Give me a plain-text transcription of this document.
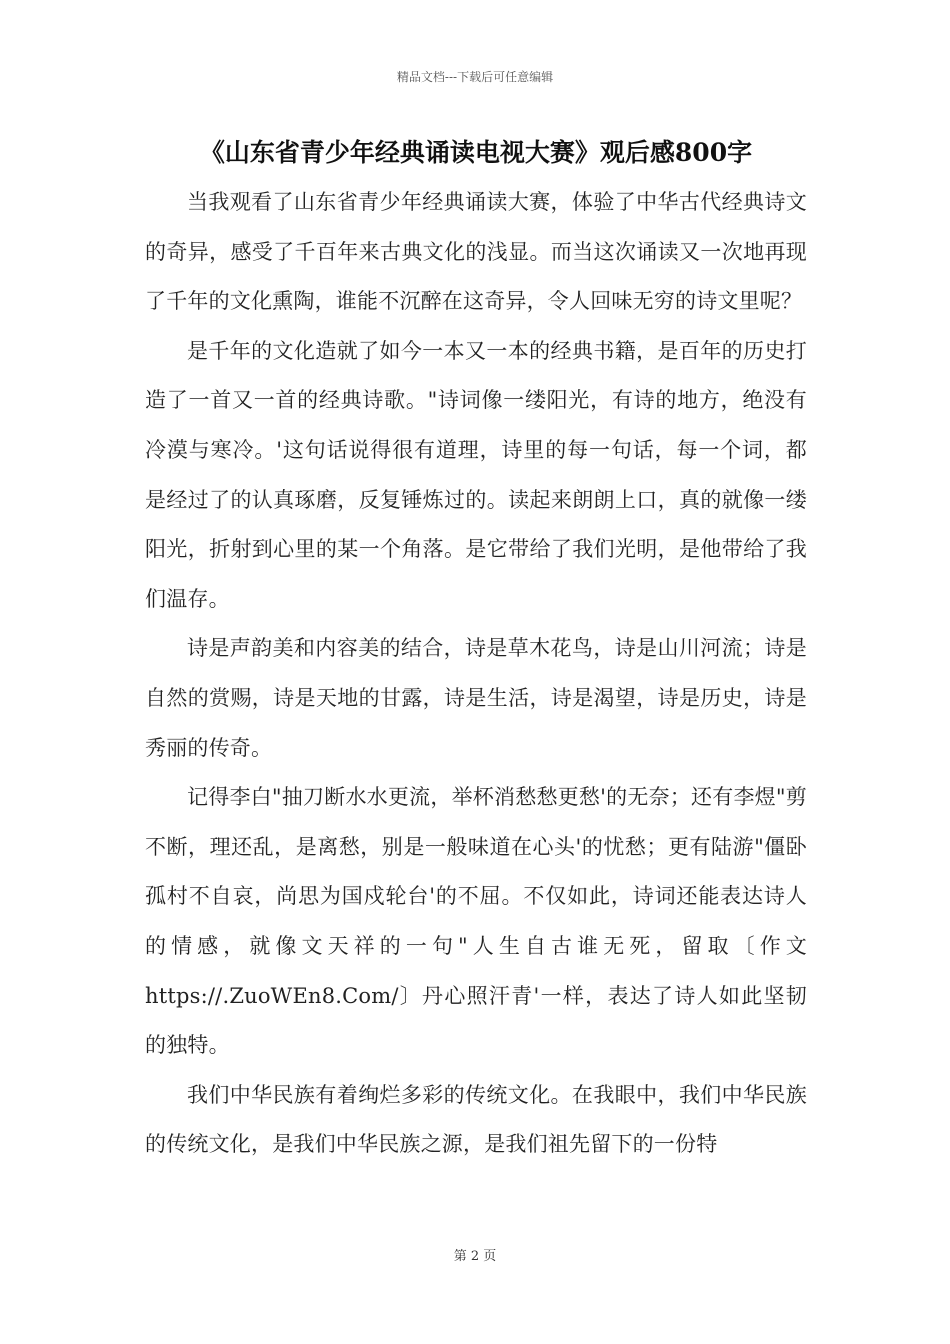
精品文档---下载后可任意编辑
《山东省青少年经典诵读电视大赛》观后感800字

当我观看了山东省青少年经典诵读大赛，体验了中华古代经典诗文的奇异，感受了千百年来古典文化的浅显。而当这次诵读又一次地再现了千年的文化熏陶，谁能不沉醉在这奇异，令人回味无穷的诗文里呢？

是千年的文化造就了如今一本又一本的经典书籍，是百年的历史打造了一首又一首的经典诗歌。"诗词像一缕阳光，有诗的地方，绝没有冷漠与寒冷。'这句话说得很有道理，诗里的每一句话，每一个词，都是经过了的认真琢磨，反复锤炼过的。读起来朗朗上口，真的就像一缕阳光，折射到心里的某一个角落。是它带给了我们光明，是他带给了我们温存。

诗是声韵美和内容美的结合，诗是草木花鸟，诗是山川河流；诗是自然的赏赐，诗是天地的甘露，诗是生活，诗是渴望，诗是历史，诗是秀丽的传奇。

记得李白"抽刀断水水更流，举杯消愁愁更愁'的无奈；还有李煜"剪不断，理还乱，是离愁，别是一般味道在心头'的忧愁；更有陆游"僵卧孤村不自哀，尚思为国戍轮台'的不屈。不仅如此，诗词还能表达诗人的情感，就像文天祥的一句"人生自古谁无死，留取〔作文https://.ZuoWEn8.Com/〕丹心照汗青'一样，表达了诗人如此坚韧的独特。

我们中华民族有着绚烂多彩的传统文化。在我眼中，我们中华民族的传统文化，是我们中华民族之源，是我们祖先留下的一份特

第 2 页
